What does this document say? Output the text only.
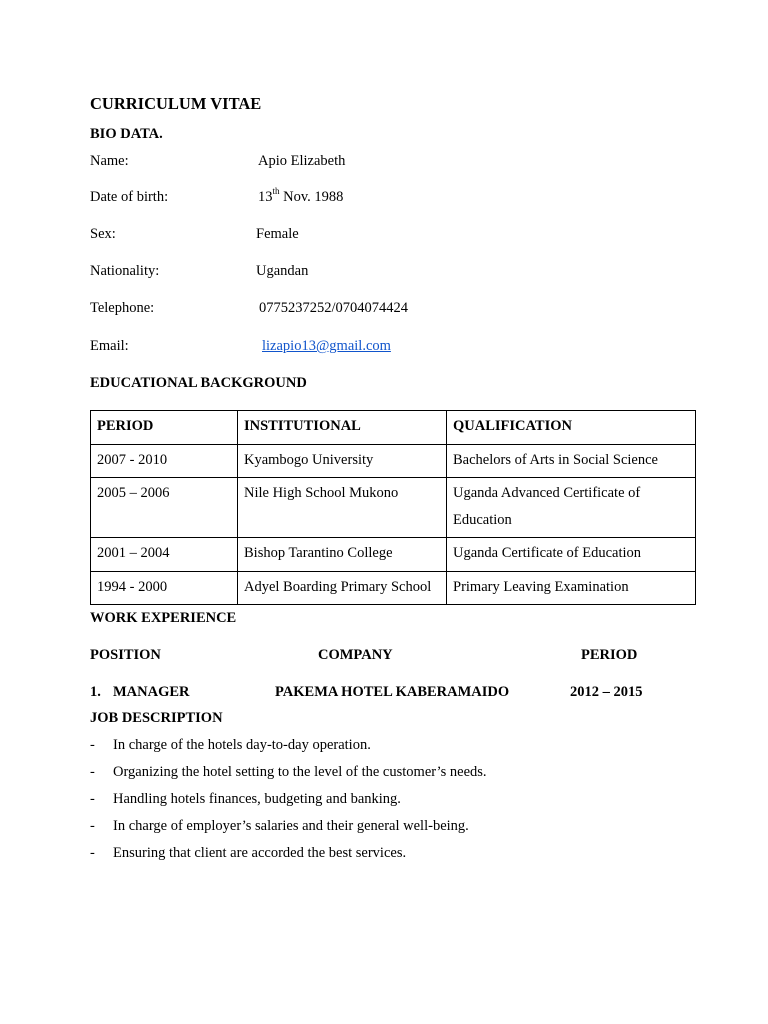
CURRICULUM VITAE
BIO DATA.
Name:	Apio Elizabeth
Date of birth:	13th Nov. 1988
Sex:	Female
Nationality:	Ugandan
Telephone:	0775237252/0704074424
Email:	lizapio13@gmail.com
EDUCATIONAL BACKGROUND
PERIOD	INSTITUTIONAL	QUALIFICATION
2007 - 2010	Kyambogo University	Bachelors of Arts in Social Science
2005 – 2006	Nile High School Mukono	Uganda Advanced Certificate of Education
2001 – 2004	Bishop Tarantino College	Uganda Certificate of Education
1994 - 2000	Adyel Boarding Primary School	Primary Leaving Examination
WORK EXPERIENCE
POSITION	COMPANY	PERIOD
1. MANAGER	PAKEMA HOTEL KABERAMAIDO	2012 – 2015
JOB DESCRIPTION
- In charge of the hotels day-to-day operation.
- Organizing the hotel setting to the level of the customer’s needs.
- Handling hotels finances, budgeting and banking.
- In charge of employer’s salaries and their general well-being.
- Ensuring that client are accorded the best services.
